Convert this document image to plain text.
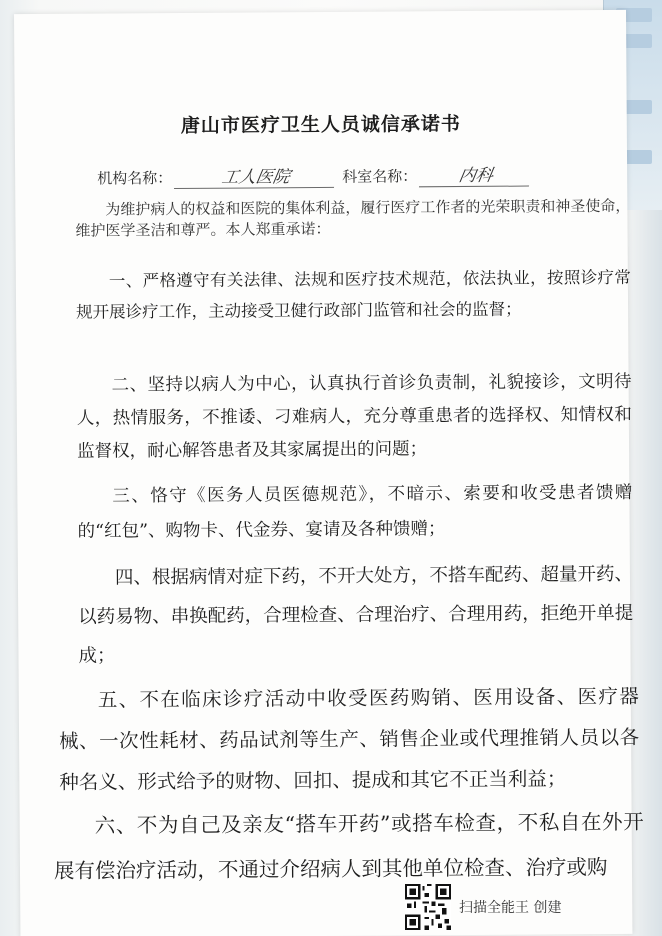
唐山市医疗卫生人员诚信承诺书
机构名称：	工人医院	科室名称： 内科
为维护病人的权益和医院的集体利益，履行医疗工作者的光荣职责和神圣使命，维护医学圣洁和尊严。本人郑重承诺：
一、严格遵守有关法律、法规和医疗技术规范，依法执业，按照诊疗常规开展诊疗工作，主动接受卫健行政部门监管和社会的监督；
二、坚持以病人为中心，认真执行首诊负责制，礼貌接诊，文明待人，热情服务，不推诿、刁难病人，充分尊重患者的选择权、知情权和监督权，耐心解答患者及其家属提出的问题；
三、恪守《医务人员医德规范》，不暗示、索要和收受患者馈赠的“红包”、购物卡、代金券、宴请及各种馈赠；
四、根据病情对症下药，不开大处方，不搭车配药、超量开药、以药易物、串换配药，合理检查、合理治疗、合理用药，拒绝开单提成；
五、不在临床诊疗活动中收受医药购销、医用设备、医疗器械、一次性耗材、药品试剂等生产、销售企业或代理推销人员以各种名义、形式给予的财物、回扣、提成和其它不正当利益；
六、不为自己及亲友“搭车开药”或搭车检查，不私自在外开展有偿治疗活动，不通过介绍病人到其他单位检查、治疗或购
扫描全能王 创建
